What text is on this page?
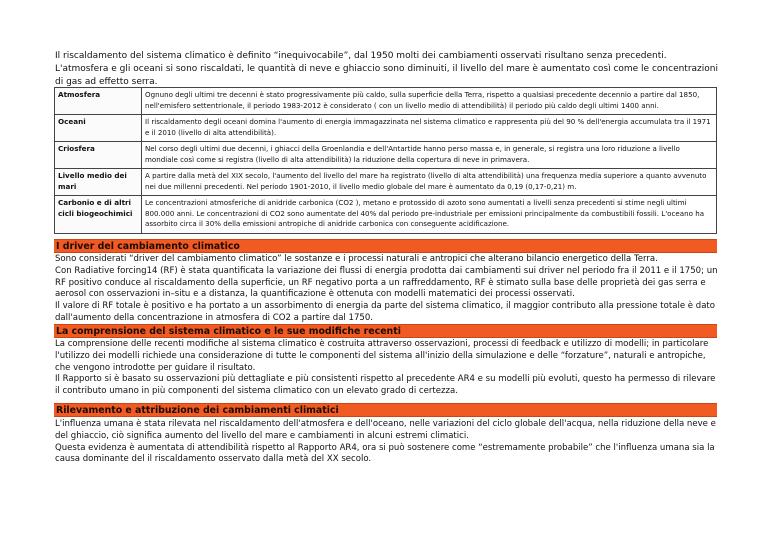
Il riscaldamento del sistema climatico è definito “inequivocabile”, dal 1950 molti dei cambiamenti osservati risultano senza precedenti. L'atmosfera e gli oceani si sono riscaldati, le quantità di neve e ghiaccio sono diminuiti, il livello del mare è aumentato così come le concentrazioni di gas ad effetto serra.
Atmosfera	Ognuno degli ultimi tre decenni è stato progressivamente più caldo, sulla superficie della Terra, rispetto a qualsiasi precedente decennio a partire dal 1850, nell'emisfero settentrionale, il periodo 1983-2012 è considerato ( con un livello medio di attendibilità) il periodo più caldo degli ultimi 1400 anni.
Oceani	Il riscaldamento degli oceani domina l'aumento di energia immagazzinata nel sistema climatico e rappresenta più del 90 % dell'energia accumulata tra il 1971 e il 2010 (livello di alta attendibilità).
Criosfera	Nel corso degli ultimi due decenni, i ghiacci della Groenlandia e dell'Antartide hanno perso massa e, in generale, si registra una loro riduzione a livello mondiale così come si registra (livello di alta attendibilità) la riduzione della copertura di neve in primavera.
Livello medio dei mari	A partire dalla metà del XIX secolo, l'aumento del livello del mare ha registrato (livello di alta attendibilità) una frequenza media superiore a quanto avvenuto nei due millenni precedenti. Nel periodo 1901-2010, il livello medio globale del mare è aumentato da 0,19 (0,17-0,21) m.
Carbonio e di altri cicli biogeochimici	Le concentrazioni atmosferiche di anidride carbonica (CO2 ), metano e protossido di azoto sono aumentati a livelli senza precedenti si stime negli ultimi 800.000 anni. Le concentrazioni di CO2 sono aumentate del 40% dal periodo pre-industriale per emissioni principalmente da combustibili fossili. L'oceano ha assorbito circa il 30% della emissioni antropiche di anidride carbonica con conseguente acidificazione.
I driver del cambiamento climatico

Sono considerati “driver del cambiamento climatico” le sostanze e i processi naturali e antropici che alterano bilancio energetico della Terra.

Con Radiative forcing14 (RF) è stata quantificata la variazione dei flussi di energia prodotta dai cambiamenti sui driver nel periodo fra il 2011 e il 1750; un RF positivo conduce al riscaldamento della superficie, un RF negativo porta a un raffreddamento, RF è stimato sulla base delle proprietà dei gas serra e aerosol con osservazioni in–situ e a distanza, la quantificazione è ottenuta con modelli matematici dei processi osservati.

Il valore di RF totale è positivo e ha portato a un assorbimento di energia da parte del sistema climatico, il maggior contributo alla pressione totale è dato dall'aumento della concentrazione in atmosfera di CO2 a partire dal 1750.

La comprensione del sistema climatico e le sue modifiche recenti

La comprensione delle recenti modifiche al sistema climatico è costruita attraverso osservazioni, processi di feedback e utilizzo di modelli; in particolare l'utilizzo dei modelli richiede una considerazione di tutte le componenti del sistema all'inizio della simulazione e delle “forzature”, naturali e antropiche, che vengono introdotte per guidare il risultato.

Il Rapporto si è basato su osservazioni più dettagliate e più consistenti rispetto al precedente AR4 e su modelli più evoluti, questo ha permesso di rilevare il contributo umano in più componenti del sistema climatico con un elevato grado di certezza.

Rilevamento e attribuzione dei cambiamenti climatici

L'influenza umana è stata rilevata nel riscaldamento dell'atmosfera e dell'oceano, nelle variazioni del ciclo globale dell'acqua, nella riduzione della neve e del ghiaccio, ciò significa aumento del livello del mare e cambiamenti in alcuni estremi climatici.

Questa evidenza è aumentata di attendibilità rispetto al Rapporto AR4, ora si può sostenere come “estremamente probabile” che l'influenza umana sia la causa dominante del il riscaldamento osservato dalla metà del XX secolo.
